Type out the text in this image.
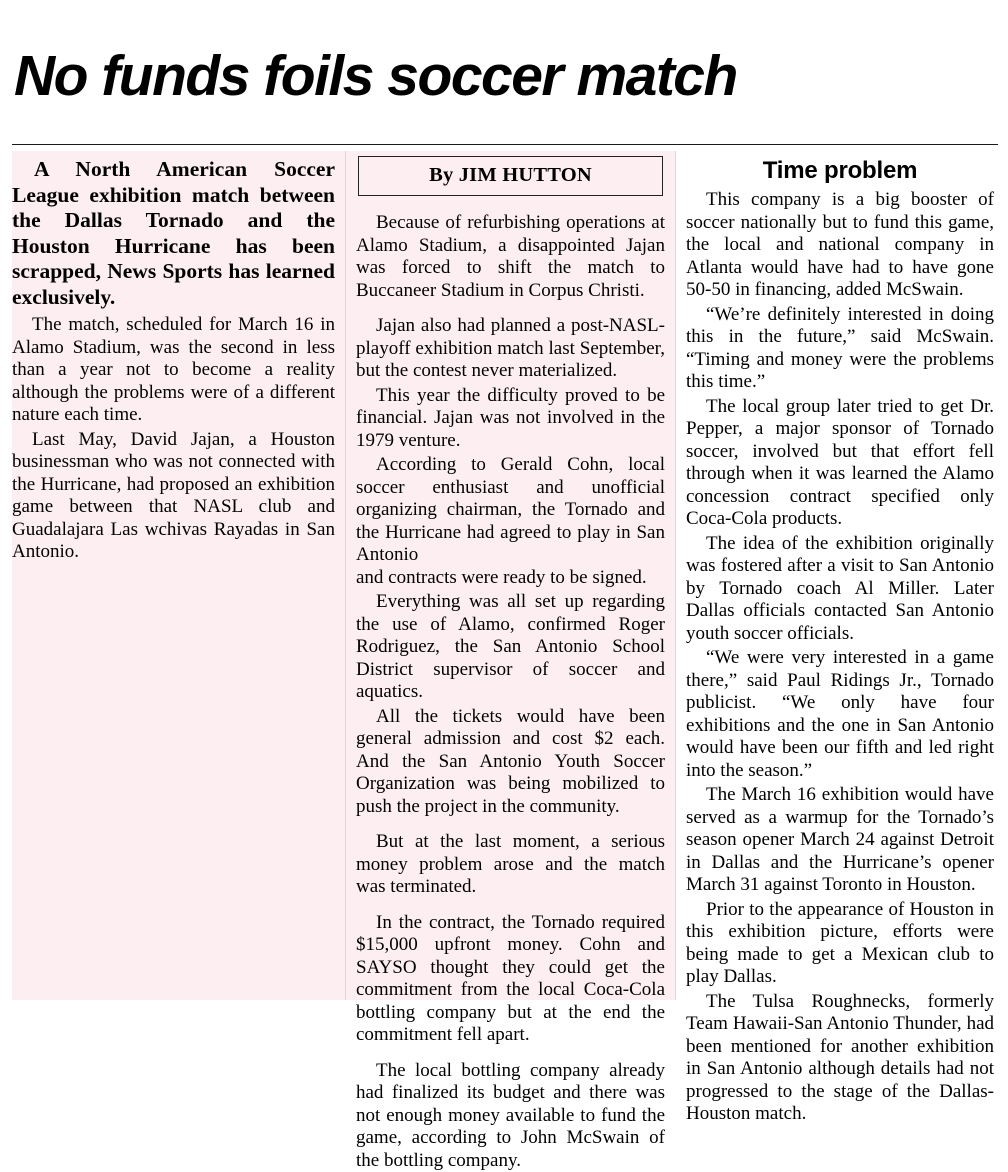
No funds foils soccer match

A North American Soccer League exhibition match between the Dallas Tornado and the Houston Hurricane has been scrapped, News Sports has learned exclusively.

The match, scheduled for March 16 in Alamo Stadium, was the second in less than a year not to become a reality although the problems were of a different nature each time.

Last May, David Jajan, a Houston businessman who was not connected with the Hurricane, had proposed an exhibition game between that NASL club and Guadalajara Las wchivas Rayadas in San Antonio.

By JIM HUTTON

Because of refurbishing operations at Alamo Stadium, a disappointed Jajan was forced to shift the match to Buccaneer Stadium in Corpus Christi.

Jajan also had planned a post-NASL-playoff exhibition match last September, but the contest never materialized.

This year the difficulty proved to be financial. Jajan was not involved in the 1979 venture.

According to Gerald Cohn, local soccer enthusiast and unofficial organizing chairman, the Tornado and the Hurricane had agreed to play in San Antonio

and contracts were ready to be signed.

Everything was all set up regarding the use of Alamo, confirmed Roger Rodriguez, the San Antonio School District supervisor of soccer and aquatics.

All the tickets would have been general admission and cost $2 each. And the San Antonio Youth Soccer Organization was being mobilized to push the project in the community.

But at the last moment, a serious money problem arose and the match was terminated.

In the contract, the Tornado required $15,000 upfront money. Cohn and SAYSO thought they could get the commitment from the local Coca-Cola bottling company but at the end the commitment fell apart.

The local bottling company already had finalized its budget and there was not enough money available to fund the game, according to John McSwain of the bottling company.

Time problem

This company is a big booster of soccer nationally but to fund this game, the local and national company in Atlanta would have had to have gone 50-50 in financing, added McSwain.

“We’re definitely interested in doing this in the future,” said McSwain. “Timing and money were the problems this time.”

The local group later tried to get Dr. Pepper, a major sponsor of Tornado soccer, involved but that effort fell through when it was learned the Alamo concession contract specified only Coca-Cola products.

The idea of the exhibition originally was fostered after a visit to San Antonio by Tornado coach Al Miller. Later Dallas officials contacted San Antonio youth soccer officials.

“We were very interested in a game there,” said Paul Ridings Jr., Tornado publicist. “We only have four exhibitions and the one in San Antonio would have been our fifth and led right into the season.”

The March 16 exhibition would have served as a warmup for the Tornado’s season opener March 24 against Detroit in Dallas and the Hurricane’s opener March 31 against Toronto in Houston.

Prior to the appearance of Houston in this exhibition picture, efforts were being made to get a Mexican club to play Dallas.

The Tulsa Roughnecks, formerly Team Hawaii-San Antonio Thunder, had been mentioned for another exhibition in San Antonio although details had not progressed to the stage of the Dallas-Houston match.
